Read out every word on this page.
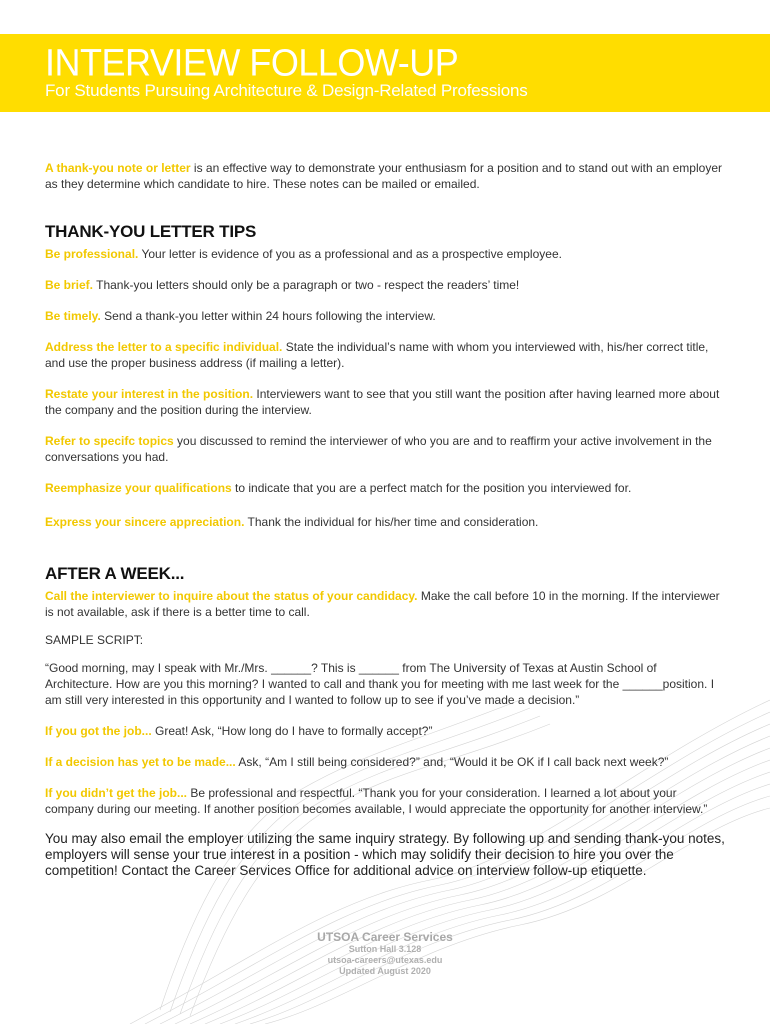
INTERVIEW FOLLOW-UP
For Students Pursuing Architecture & Design-Related Professions

A thank-you note or letter is an effective way to demonstrate your enthusiasm for a position and to stand out with an employer as they determine which candidate to hire. These notes can be mailed or emailed.

THANK-YOU LETTER TIPS

Be professional. Your letter is evidence of you as a professional and as a prospective employee.

Be brief. Thank-you letters should only be a paragraph or two - respect the readers’ time!

Be timely. Send a thank-you letter within 24 hours following the interview.

Address the letter to a specific individual. State the individual’s name with whom you interviewed with, his/her correct title, and use the proper business address (if mailing a letter).

Restate your interest in the position. Interviewers want to see that you still want the position after having learned more about the company and the position during the interview.

Refer to specifc topics you discussed to remind the interviewer of who you are and to reaffirm your active involvement in the conversations you had.

Reemphasize your qualifications to indicate that you are a perfect match for the position you interviewed for.

Express your sincere appreciation. Thank the individual for his/her time and consideration.

AFTER A WEEK...

Call the interviewer to inquire about the status of your candidacy. Make the call before 10 in the morning. If the interviewer is not available, ask if there is a better time to call.

SAMPLE SCRIPT:

“Good morning, may I speak with Mr./Mrs. ______? This is ______ from The University of Texas at Austin School of Architecture. How are you this morning? I wanted to call and thank you for meeting with me last week for the ______position. I am still very interested in this opportunity and I wanted to follow up to see if you’ve made a decision.”

If you got the job... Great! Ask, “How long do I have to formally accept?”

If a decision has yet to be made... Ask, “Am I still being considered?” and, “Would it be OK if I call back next week?”

If you didn’t get the job... Be professional and respectful. “Thank you for your consideration. I learned a lot about your company during our meeting. If another position becomes available, I would appreciate the opportunity for another interview.”

You may also email the employer utilizing the same inquiry strategy. By following up and sending thank-you notes, employers will sense your true interest in a position - which may solidify their decision to hire you over the competition! Contact the Career Services Office for additional advice on interview follow-up etiquette.

UTSOA Career Services
Sutton Hall 3.128
utsoa-careers@utexas.edu
Updated August 2020
